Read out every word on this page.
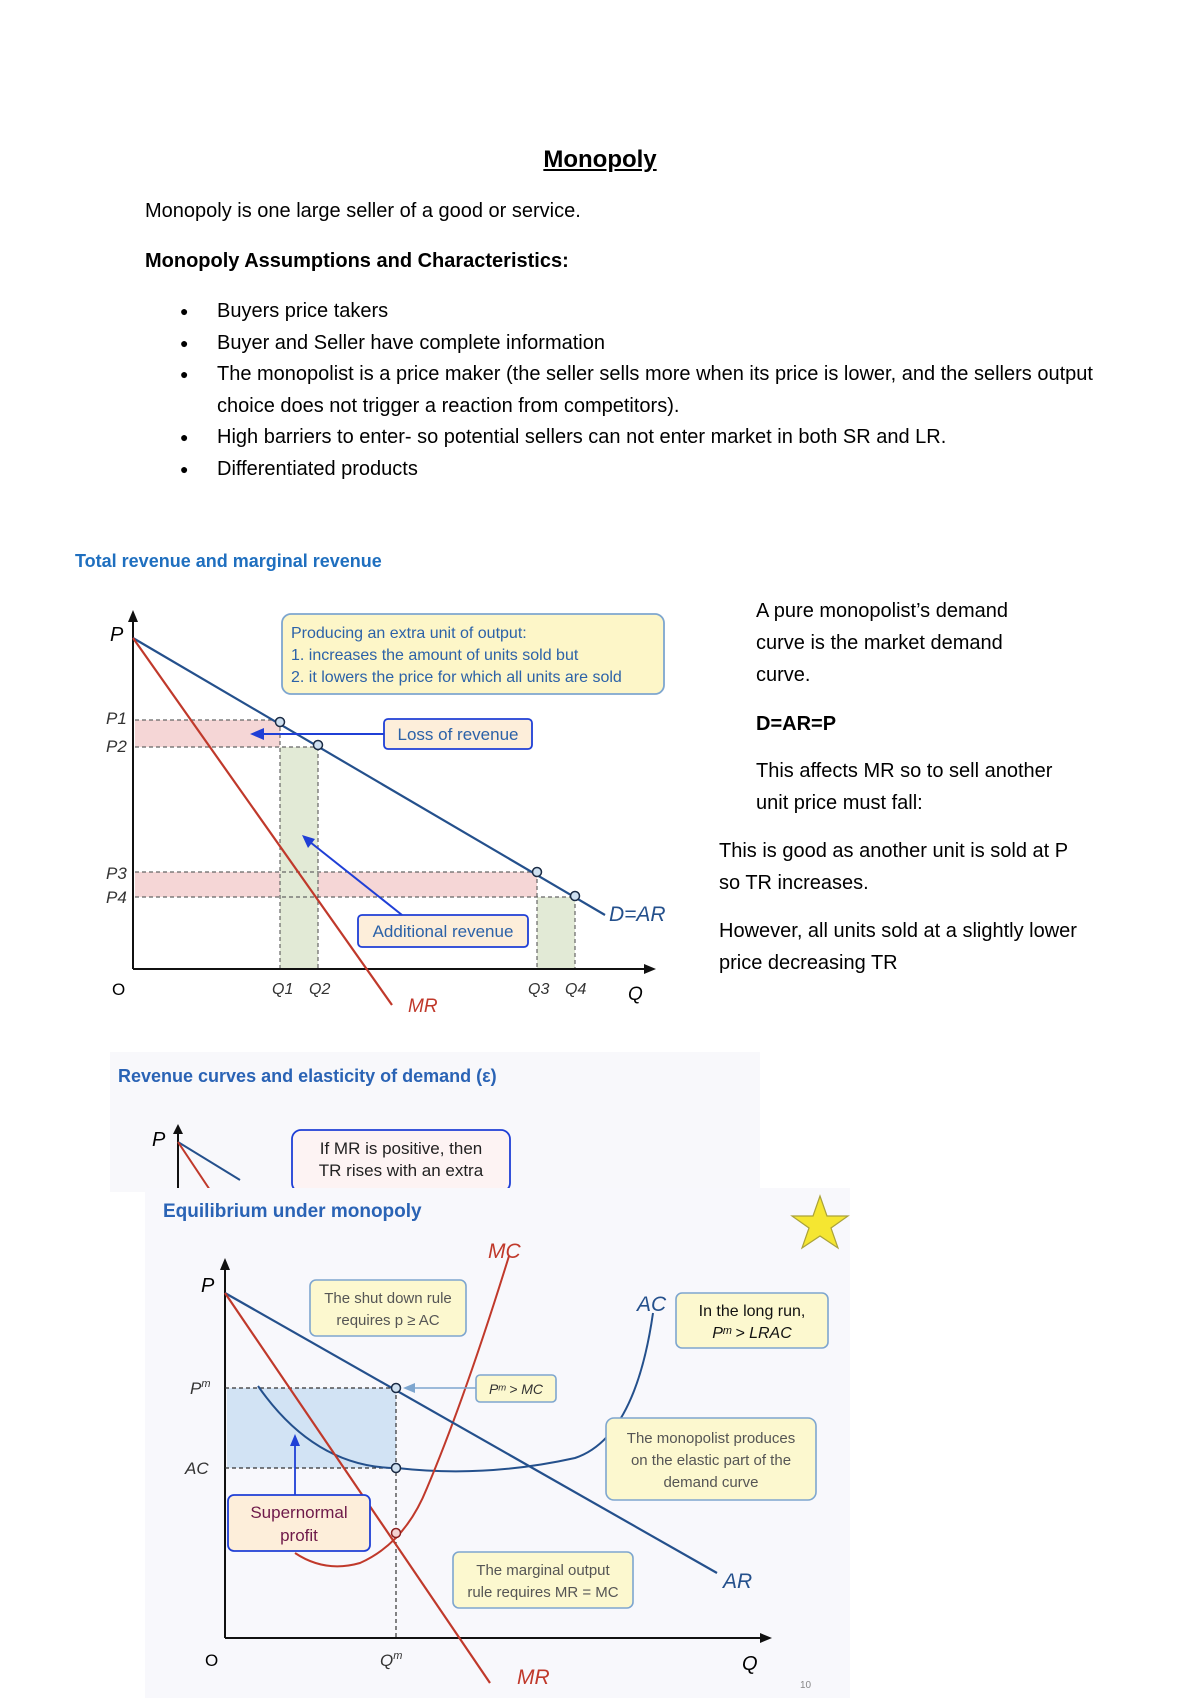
Monopoly
Monopoly is one large seller of a good or service.
Monopoly Assumptions and Characteristics:
● Buyers price takers
● Buyer and Seller have complete information
● The monopolist is a price maker (the seller sells more when its price is lower, and the sellers output choice does not trigger a reaction from competitors).
● High barriers to enter- so potential sellers can not enter market in both SR and LR.
● Differentiated products
Total revenue and marginal revenue
Producing an extra unit of output:
1. increases the amount of units sold but
2. it lowers the price for which all units are sold
Loss of revenue
Additional revenue
P
O	Q
P1
P2
P3
P4
Q1 Q2	Q3 Q4
D=AR
MR
A pure monopolist’s demand curve is the market demand curve.
D=AR=P
This affects MR so to sell another unit price must fall:
This is good as another unit is sold at P so TR increases.
However, all units sold at a slightly lower price decreasing TR
Revenue curves and elasticity of demand (ε)
P	If MR is positive, then
TR rises with an extra
Equilibrium under monopoly
The shut down rule
requires p ≥ AC
In the long run,
Pᵐ > LRAC
Pᵐ > MC
The monopolist produces
on the elastic part of the
demand curve
Supernormal
profit
The marginal output
rule requires MR = MC
P
O	Q
$P^m$
AC
$Q^m$
MC
AC
AR
MR	10
